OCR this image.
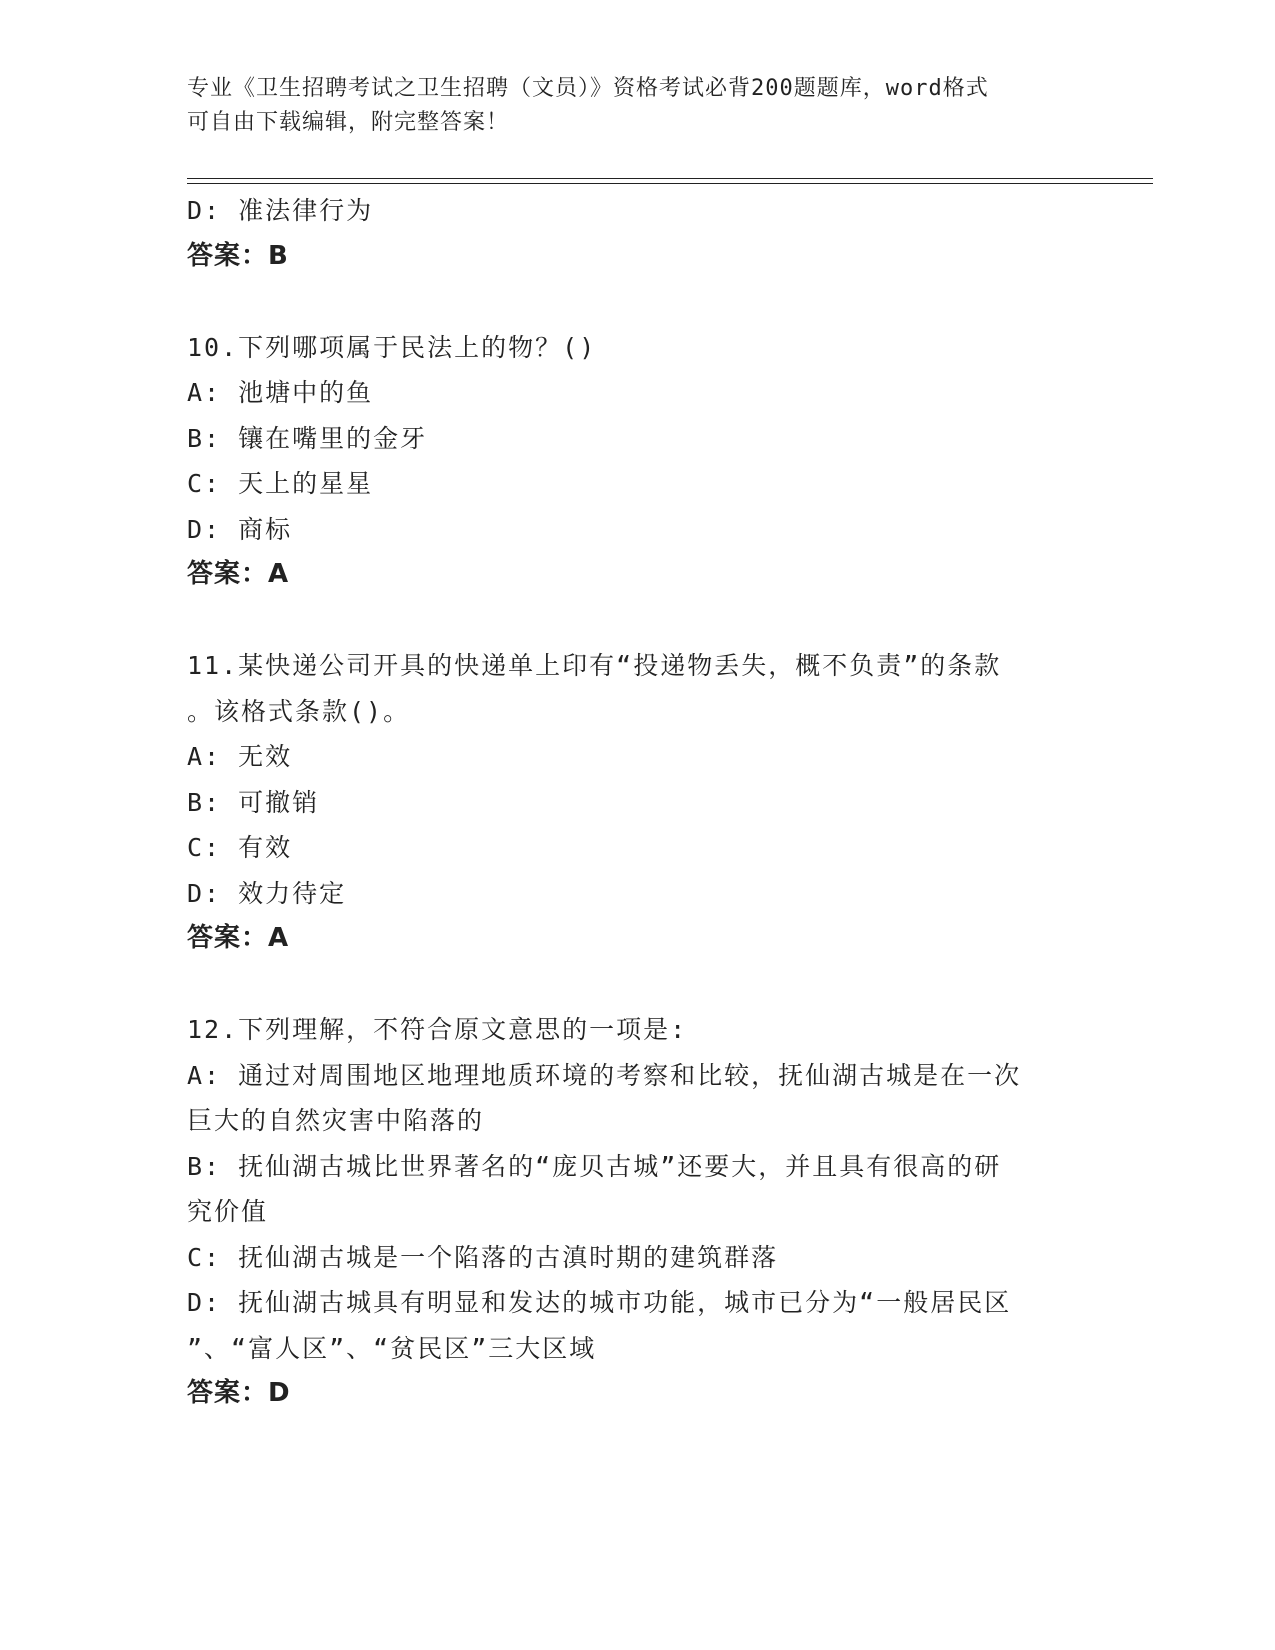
专业《卫生招聘考试之卫生招聘（文员）》资格考试必背200题题库，word格式
可自由下载编辑，附完整答案！
D: 准法律行为
答案：B
10.下列哪项属于民法上的物？()
A: 池塘中的鱼
B: 镶在嘴里的金牙
C: 天上的星星
D: 商标
答案：A
11.某快递公司开具的快递单上印有“投递物丢失，概不负责”的条款
。该格式条款()。
A: 无效
B: 可撤销
C: 有效
D: 效力待定
答案：A
12.下列理解，不符合原文意思的一项是:
A: 通过对周围地区地理地质环境的考察和比较，抚仙湖古城是在一次
巨大的自然灾害中陷落的
B: 抚仙湖古城比世界著名的“庞贝古城”还要大，并且具有很高的研
究价值
C: 抚仙湖古城是一个陷落的古滇时期的建筑群落
D: 抚仙湖古城具有明显和发达的城市功能，城市已分为“一般居民区
”、“富人区”、“贫民区”三大区域
答案：D
